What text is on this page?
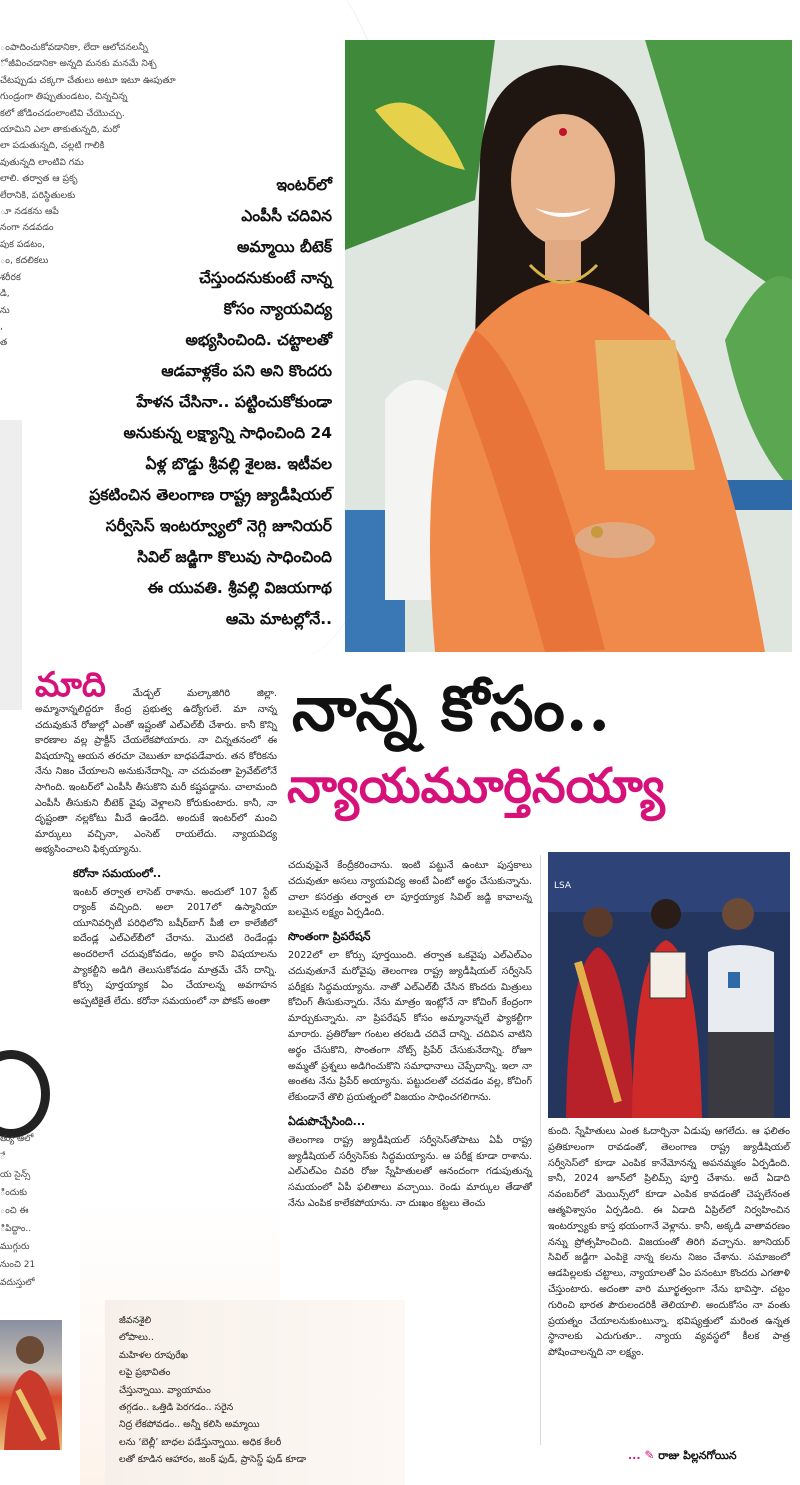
ంపాదించుకోవడానికా, లేదా ఆలోచనలన్నీ
ో జీవించడానికా అన్నది మనకు మనమే నిశ్చ
చేటప్పుడు చక్కగా చేతులు అటూ ఇటూ ఊపుతూ
గుండ్రంగా తిప్పుతుండటం, చిన్నచిన్న
కలో జోడించడంలాంటివి చేయొచ్చు.
యామిని ఎలా తాకుతున్నది, మరో
లా పడుతున్నది, చల్లటి గాలికి
వుతున్నది లాంటివి గమ
లాలి. తర్వాత ఆ ప్రకృ
లేరానికి, పరిస్థితులకు
ూ నడకను ఆపే
నంగా నడవడం
పుక పడటం,
ం, కదలికలు
శరీరక
డి,
ను
,
త
త్యు ఆలో
ే
య సైన్స్
ిందుకు
ంచి ఈ
ిపిద్దాం..
ముగ్గురు
నుంచి 21
వదుస్తులో
ఇంటర్‌లో
ఎంపీసీ చదివిన
అమ్మాయి బీటెక్
చేస్తుందనుకుంటే నాన్న
కోసం న్యాయవిద్య
అభ్యసించింది. చట్టాలతో
ఆడవాళ్లకేం పని అని కొందరు
హేళన చేసినా.. పట్టించుకోకుండా
అనుకున్న లక్ష్యాన్ని సాధించింది 24
ఏళ్ల బొడ్డు శ్రీవల్లి శైలజ. ఇటీవల
ప్రకటించిన తెలంగాణ రాష్ట్ర జ్యుడీషియల్
సర్వీసెస్ ఇంటర్వ్యూలో నెగ్గి జూనియర్
సివిల్ జడ్జిగా కొలువు సాధించింది
ఈ యువతి. శ్రీవల్లి విజయగాథ
ఆమె మాటల్లోనే..
నాన్న కోసం..
న్యాయమూర్తినయ్యా

మాది	మేడ్చల్ మల్కాజిగిరి జిల్లా. అమ్మానాన్నలిద్దరూ కేంద్ర ప్రభుత్వ ఉద్యోగులే. మా నాన్న చదువుకునే రోజుల్లో ఎంతో ఇష్టంతో ఎల్ఎల్‌బీ చేశారు. కానీ కొన్ని కారణాల వల్ల ప్రాక్టీస్ చేయలేకపోయారు. నా చిన్నతనంలో ఈ విషయాన్ని ఆయన తరచూ చెబుతూ బాధపడేవారు. తన కోరికను నేను నిజం చేయాలని అనుకునేదాన్ని. నా చదువంతా ప్రైవేట్‌లోనే సాగింది. ఇంటర్‌లో ఎంపీసీ తీసుకొని మరీ కష్టపడ్డాను. చాలామంది ఎంపీసీ తీసుకుని బీటెక్ వైపు వెళ్లాలని కోరుకుంటారు. కానీ, నా దృష్టంతా నల్లకోటు మీదే ఉండేది. అందుకే ఇంటర్‌లో మంచి మార్కులు వచ్చినా, ఎంసెట్ రాయలేదు. న్యాయవిద్య అభ్యసించాలని ఫిక్సయ్యాను.

కరోనా సమయంలో..

ఇంటర్ తర్వాత లాసెట్ రాశాను. అందులో 107 స్టేట్ ర్యాంక్ వచ్చింది. అలా 2017లో ఉస్మానియా యూనివర్సిటీ పరిధిలోని బషీర్‌బాగ్ పీజీ లా కాలేజీలో ఐదేండ్ల ఎల్ఎల్‌బీలో చేరాను. మొదటి రెండేండ్లు అందరిలాగే చదువుకోవడం, అర్థం కాని విషయాలను ప్యాకల్టీని అడిగి తెలుసుకోవడం మాత్రమే చేసే దాన్ని. కోర్సు పూర్తయ్యాక ఏం చేయాలన్న అవగాహన అప్పటికైతే లేదు. కరోనా సమయంలో నా పోకస్ అంతా

జీవనశైలి
లోపాలు..
మహిళల రూపురేఖ
లపై ప్రభావితం
చేస్తున్నాయి. వ్యాయామం
తగ్గడం.. ఒత్తిడి పెరగడం.. సరైన
నిద్ర లేకపోవడం.. అన్నీ కలిసి అమ్మాయి
లను ‘బెల్లీ’ బాధల పడేస్తున్నాయి. అధిక కేలరీ
లతో కూడిన ఆహారం, జంక్ ఫుడ్, ప్రాసెస్డ్ ఫుడ్ కూడా

చదువుపైనే కేంద్రీకరించాను. ఇంటి పట్టునే ఉంటూ పుస్తకాలు చదువుతూ అసలు న్యాయవిద్య అంటే ఏంటో అర్థం చేసుకున్నాను. చాలా కసరత్తు తర్వాత లా పూర్తయ్యాక సివిల్ జడ్జి కావాలన్న బలమైన లక్ష్యం ఏర్పడింది.

సొంతంగా ప్రిపరేషన్

2022లో లా కోర్సు పూర్తయింది. తర్వాత ఒకవైపు ఎల్ఎల్‌ఎం చదువుతూనే మరోవైపు తెలంగాణ రాష్ట్ర జ్యుడీషియల్ సర్వీసెస్ పరీక్షకు సిద్ధమయ్యాను. నాతో ఎల్ఎల్‌బీ చేసిన కొందరు మిత్రులు కోచింగ్ తీసుకున్నారు. నేను మాత్రం ఇంట్లోనే నా కోచింగ్ కేంద్రంగా మార్చుకున్నాను. నా ప్రిపరేషన్ కోసం అమ్మానాన్నలే ఫ్యాకల్టీగా మారారు. ప్రతిరోజూ గంటల తరబడి చదివే దాన్ని. చదివిన వాటిని అర్థం చేసుకొని, సొంతంగా నోట్స్ ప్రిపేర్ చేసుకునేదాన్ని. రోజూ అమ్మతో ప్రశ్నలు అడిగించుకొని సమాధానాలు చెప్పేదాన్ని. ఇలా నా అంతట నేను ప్రిపేర్ అయ్యాను. పట్టుదలతో చదవడం వల్ల, కోచింగ్ లేకుండానే తొలి ప్రయత్నంలో విజయం సాధించగలిగాను.

ఏడుపొచ్చేసింది...

తెలంగాణ రాష్ట్ర జ్యుడీషియల్ సర్వీసెస్‌తోపాటు ఏపీ రాష్ట్ర జ్యుడీషియల్ సర్వీసెస్‌కు సిద్ధమయ్యాను. ఆ పరీక్ష కూడా రాశాను. ఎల్ఎల్‌ఎం చివరి రోజు స్నేహితులతో ఆనందంగా గడుపుతున్న సమయంలో ఏపీ ఫలితాలు వచ్చాయి. రెండు మార్కుల తేడాతో నేను ఎంపిక కాలేకపోయాను. నా దుఃఖం కట్టలు తెంచు

LSA

కుంది. స్నేహితులు ఎంత ఓదార్చినా ఏడుపు ఆగలేదు. ఆ ఫలితం ప్రతికూలంగా రావడంతో, తెలంగాణ రాష్ట్ర జ్యుడీషియల్ సర్వీసెస్‌లో కూడా ఎంపిక కానేమోనన్న అపనమ్మకం ఏర్పడింది. కానీ, 2024 జూన్‌లో ప్రిలిమ్స్ పూర్తి చేశాను. అదే ఏడాది నవంబర్‌లో మెయిన్స్‌లో కూడా ఎంపిక కావడంతో చెప్పలేనంత ఆత్మవిశ్వాసం ఏర్పడింది. ఈ ఏడాది ఏప్రిల్‌లో నిర్వహించిన ఇంటర్వ్యూకు కాస్త భయంగానే వెళ్లాను. కానీ, అక్కడి వాతావరణం నన్ను ప్రోత్సహించింది. విజయంతో తిరిగి వచ్చాను. జూనియర్ సివిల్ జడ్జిగా ఎంపికై నాన్న కలను నిజం చేశాను. సమాజంలో ఆడపిల్లలకు చట్టాలు, న్యాయాలతో ఏం పనంటూ కొందరు ఎగతాళి చేస్తుంటారు. అదంతా వారి మూర్ఖత్వంగా నేను భావిస్తా. చట్టం గురించి భారత పౌరులందరికీ తెలియాలి. అందుకోసం నా వంతు ప్రయత్నం చేయాలనుకుంటున్నా. భవిష్యత్తులో మరింత ఉన్నత స్థానాలకు ఎదుగుతూ.. న్యాయ వ్యవస్థలో కీలక పాత్ర పోషించాలన్నది నా లక్ష్యం.

... ✎ రాజు పిల్లనగోయిన
